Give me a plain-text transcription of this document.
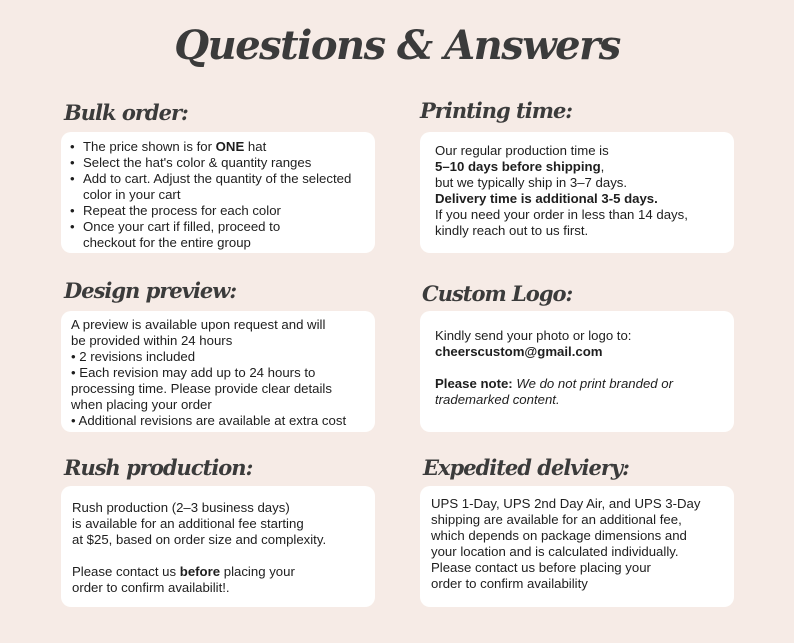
Questions & Answers
Bulk order:
• The price shown is for ONE hat
• Select the hat's color & quantity ranges
• Add to cart. Adjust the quantity of the selected
color in your cart
• Repeat the process for each color
• Once your cart if filled, proceed to
checkout for the entire group
Printing time:
Our regular production time is
5–10 days before shipping,
but we typically ship in 3–7 days.
Delivery time is additional 3-5 days.
If you need your order in less than 14 days,
kindly reach out to us first.
Design preview:
A preview is available upon request and will
be provided within 24 hours
• 2 revisions included
• Each revision may add up to 24 hours to
processing time. Please provide clear details
when placing your order
• Additional revisions are available at extra cost
Custom Logo:
Kindly send your photo or logo to:
cheerscustom@gmail.com
Please note: We do not print branded or
trademarked content.
Rush production:
Rush production (2–3 business days)
is available for an additional fee starting
at $25, based on order size and complexity.
Please contact us before placing your
order to confirm availabilit!.
Expedited delviery:
UPS 1-Day, UPS 2nd Day Air, and UPS 3-Day
shipping are available for an additional fee,
which depends on package dimensions and
your location and is calculated individually.
Please contact us before placing your
order to confirm availability
